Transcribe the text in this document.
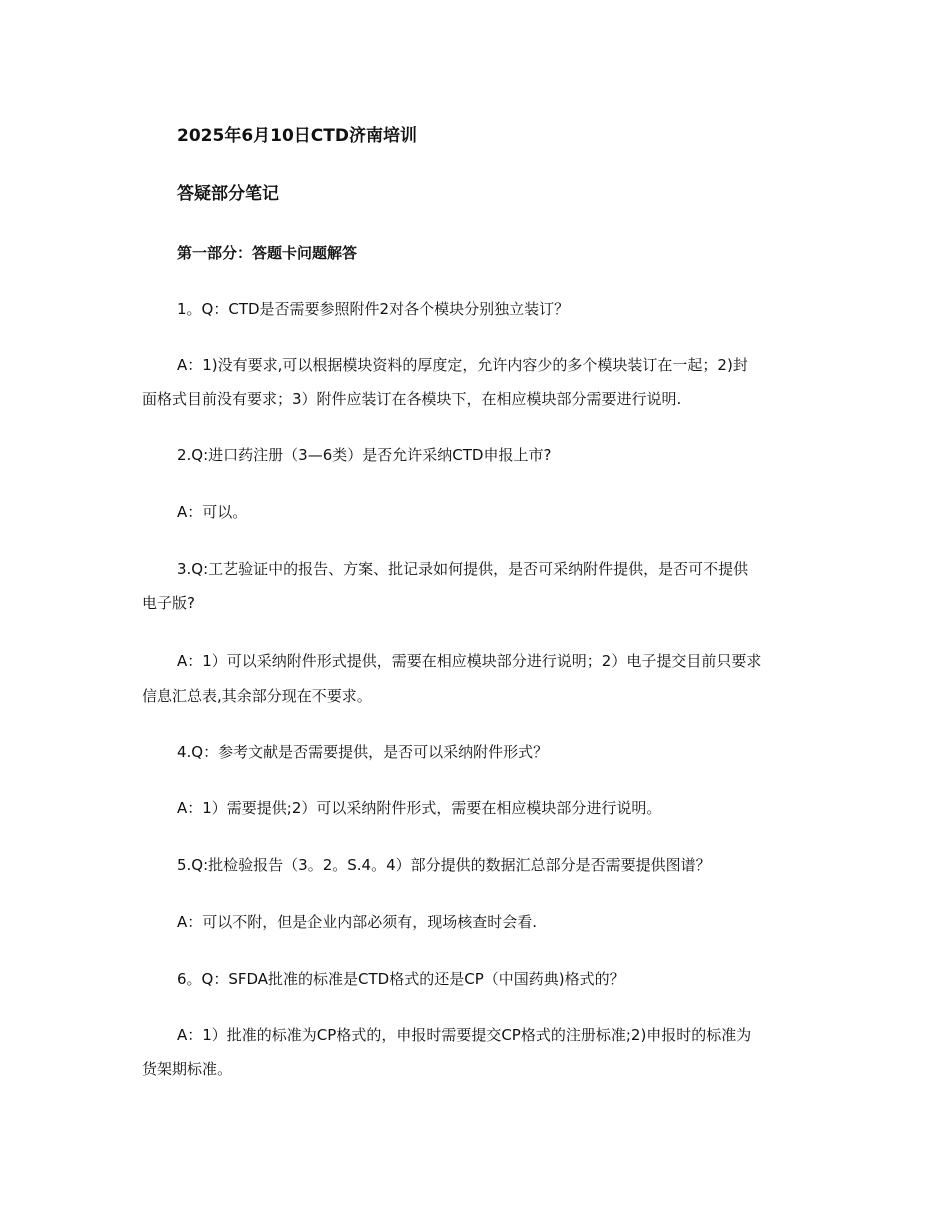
2025年6月10日CTD济南培训
答疑部分笔记
第一部分：答题卡问题解答
1。Q：CTD是否需要参照附件2对各个模块分别独立装订？
A：1)没有要求,可以根据模块资料的厚度定，允许内容少的多个模块装订在一起；2)封
面格式目前没有要求；3）附件应装订在各模块下，在相应模块部分需要进行说明.
2.Q:进口药注册（3—6类）是否允许采纳CTD申报上市?
A：可以。
3.Q:工艺验证中的报告、方案、批记录如何提供，是否可采纳附件提供，是否可不提供
电子版?
A：1）可以采纳附件形式提供，需要在相应模块部分进行说明；2）电子提交目前只要求
信息汇总表,其余部分现在不要求。
4.Q：参考文献是否需要提供，是否可以采纳附件形式？
A：1）需要提供;2）可以采纳附件形式，需要在相应模块部分进行说明。
5.Q:批检验报告（3。2。S.4。4）部分提供的数据汇总部分是否需要提供图谱？
A：可以不附，但是企业内部必须有，现场核查时会看.
6。Q：SFDA批准的标准是CTD格式的还是CP（中国药典)格式的？
A：1）批准的标准为CP格式的，申报时需要提交CP格式的注册标准;2)申报时的标准为
货架期标准。
